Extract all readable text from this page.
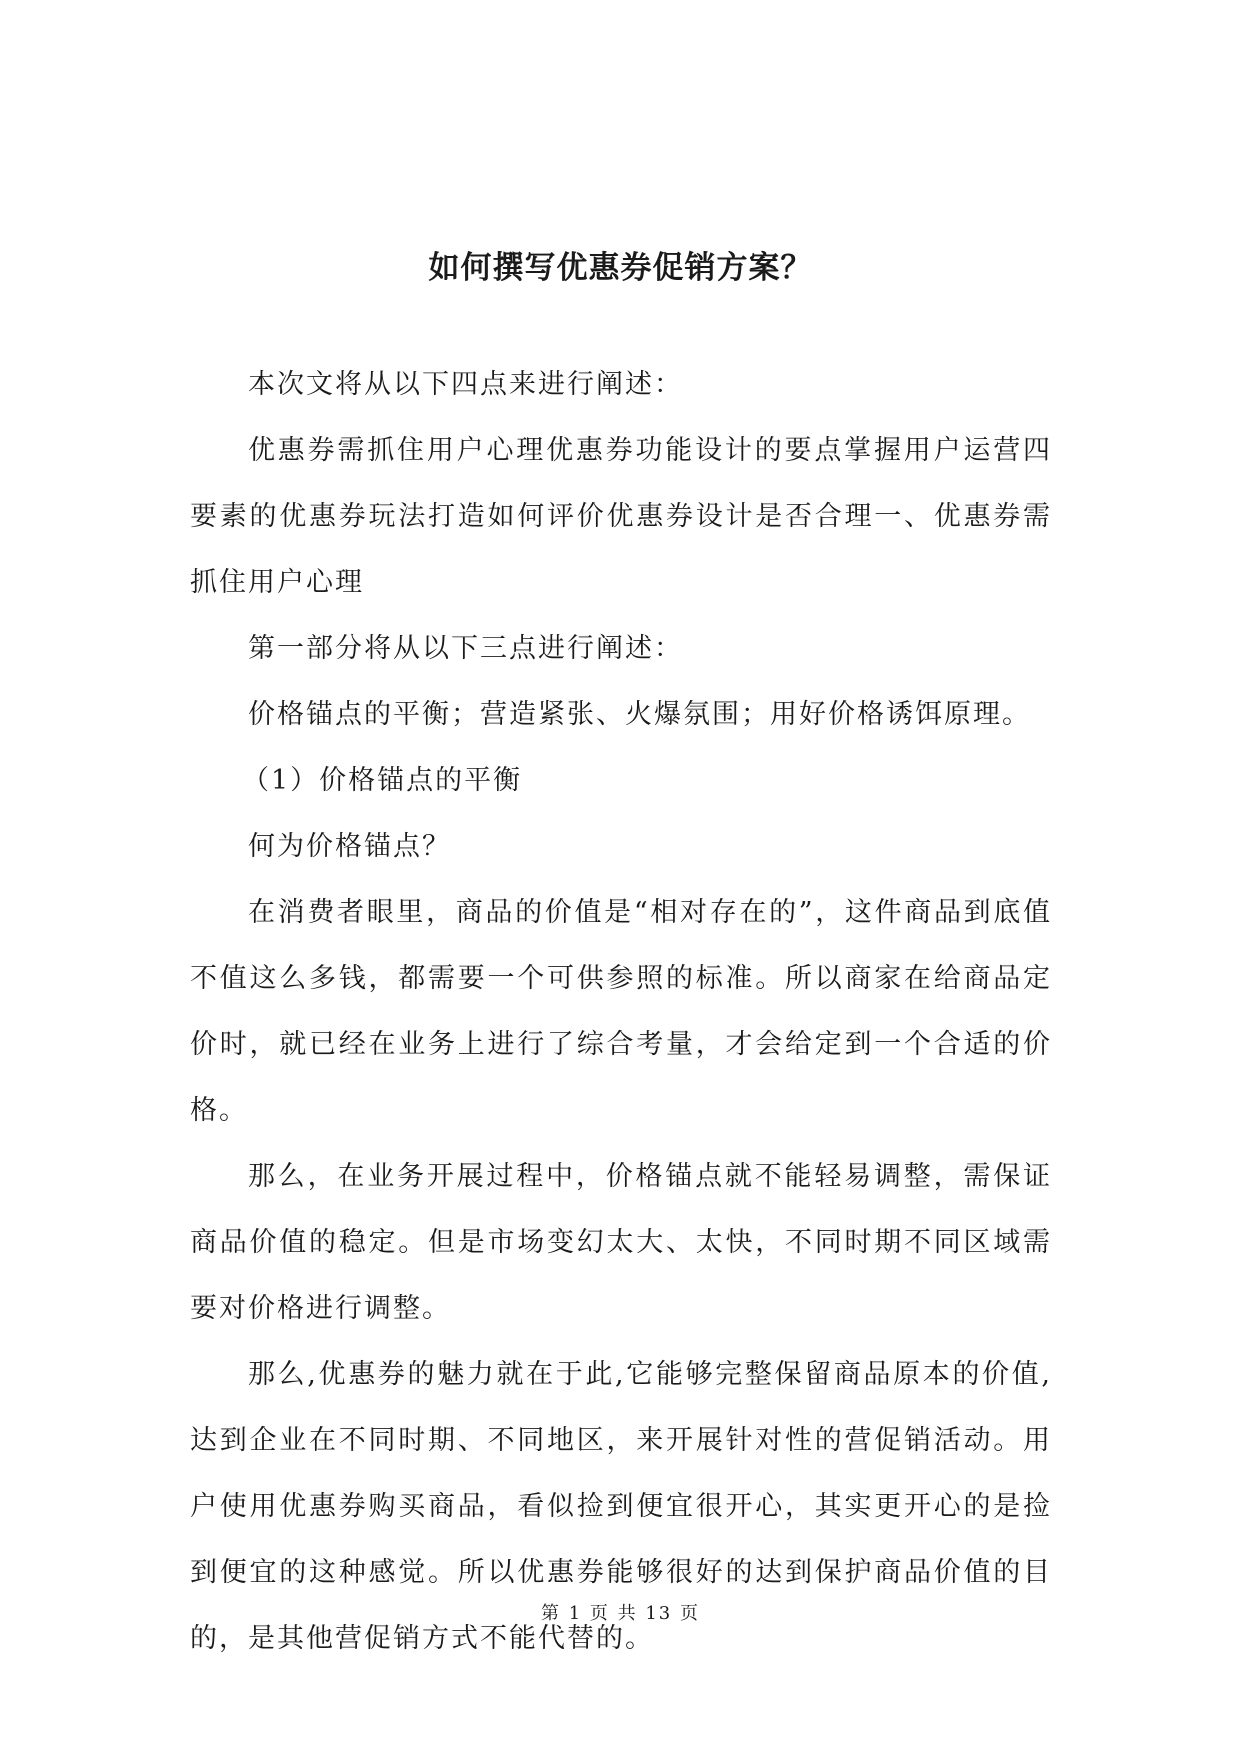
如何撰写优惠券促销方案？

本次文将从以下四点来进行阐述：

优惠券需抓住用户心理优惠券功能设计的要点掌握用户运营四要素的优惠券玩法打造如何评价优惠券设计是否合理一、优惠券需抓住用户心理

第一部分将从以下三点进行阐述：

价格锚点的平衡；营造紧张、火爆氛围；用好价格诱饵原理。

（1）价格锚点的平衡

何为价格锚点？

在消费者眼里，商品的价值是“相对存在的”，这件商品到底值不值这么多钱，都需要一个可供参照的标准。所以商家在给商品定价时，就已经在业务上进行了综合考量，才会给定到一个合适的价格。

那么，在业务开展过程中，价格锚点就不能轻易调整，需保证商品价值的稳定。但是市场变幻太大、太快，不同时期不同区域需要对价格进行调整。

那么,优惠券的魅力就在于此,它能够完整保留商品原本的价值,达到企业在不同时期、不同地区，来开展针对性的营促销活动。用户使用优惠券购买商品，看似捡到便宜很开心，其实更开心的是捡到便宜的这种感觉。所以优惠券能够很好的达到保护商品价值的目的，是其他营促销方式不能代替的。

第 1 页 共 13 页
